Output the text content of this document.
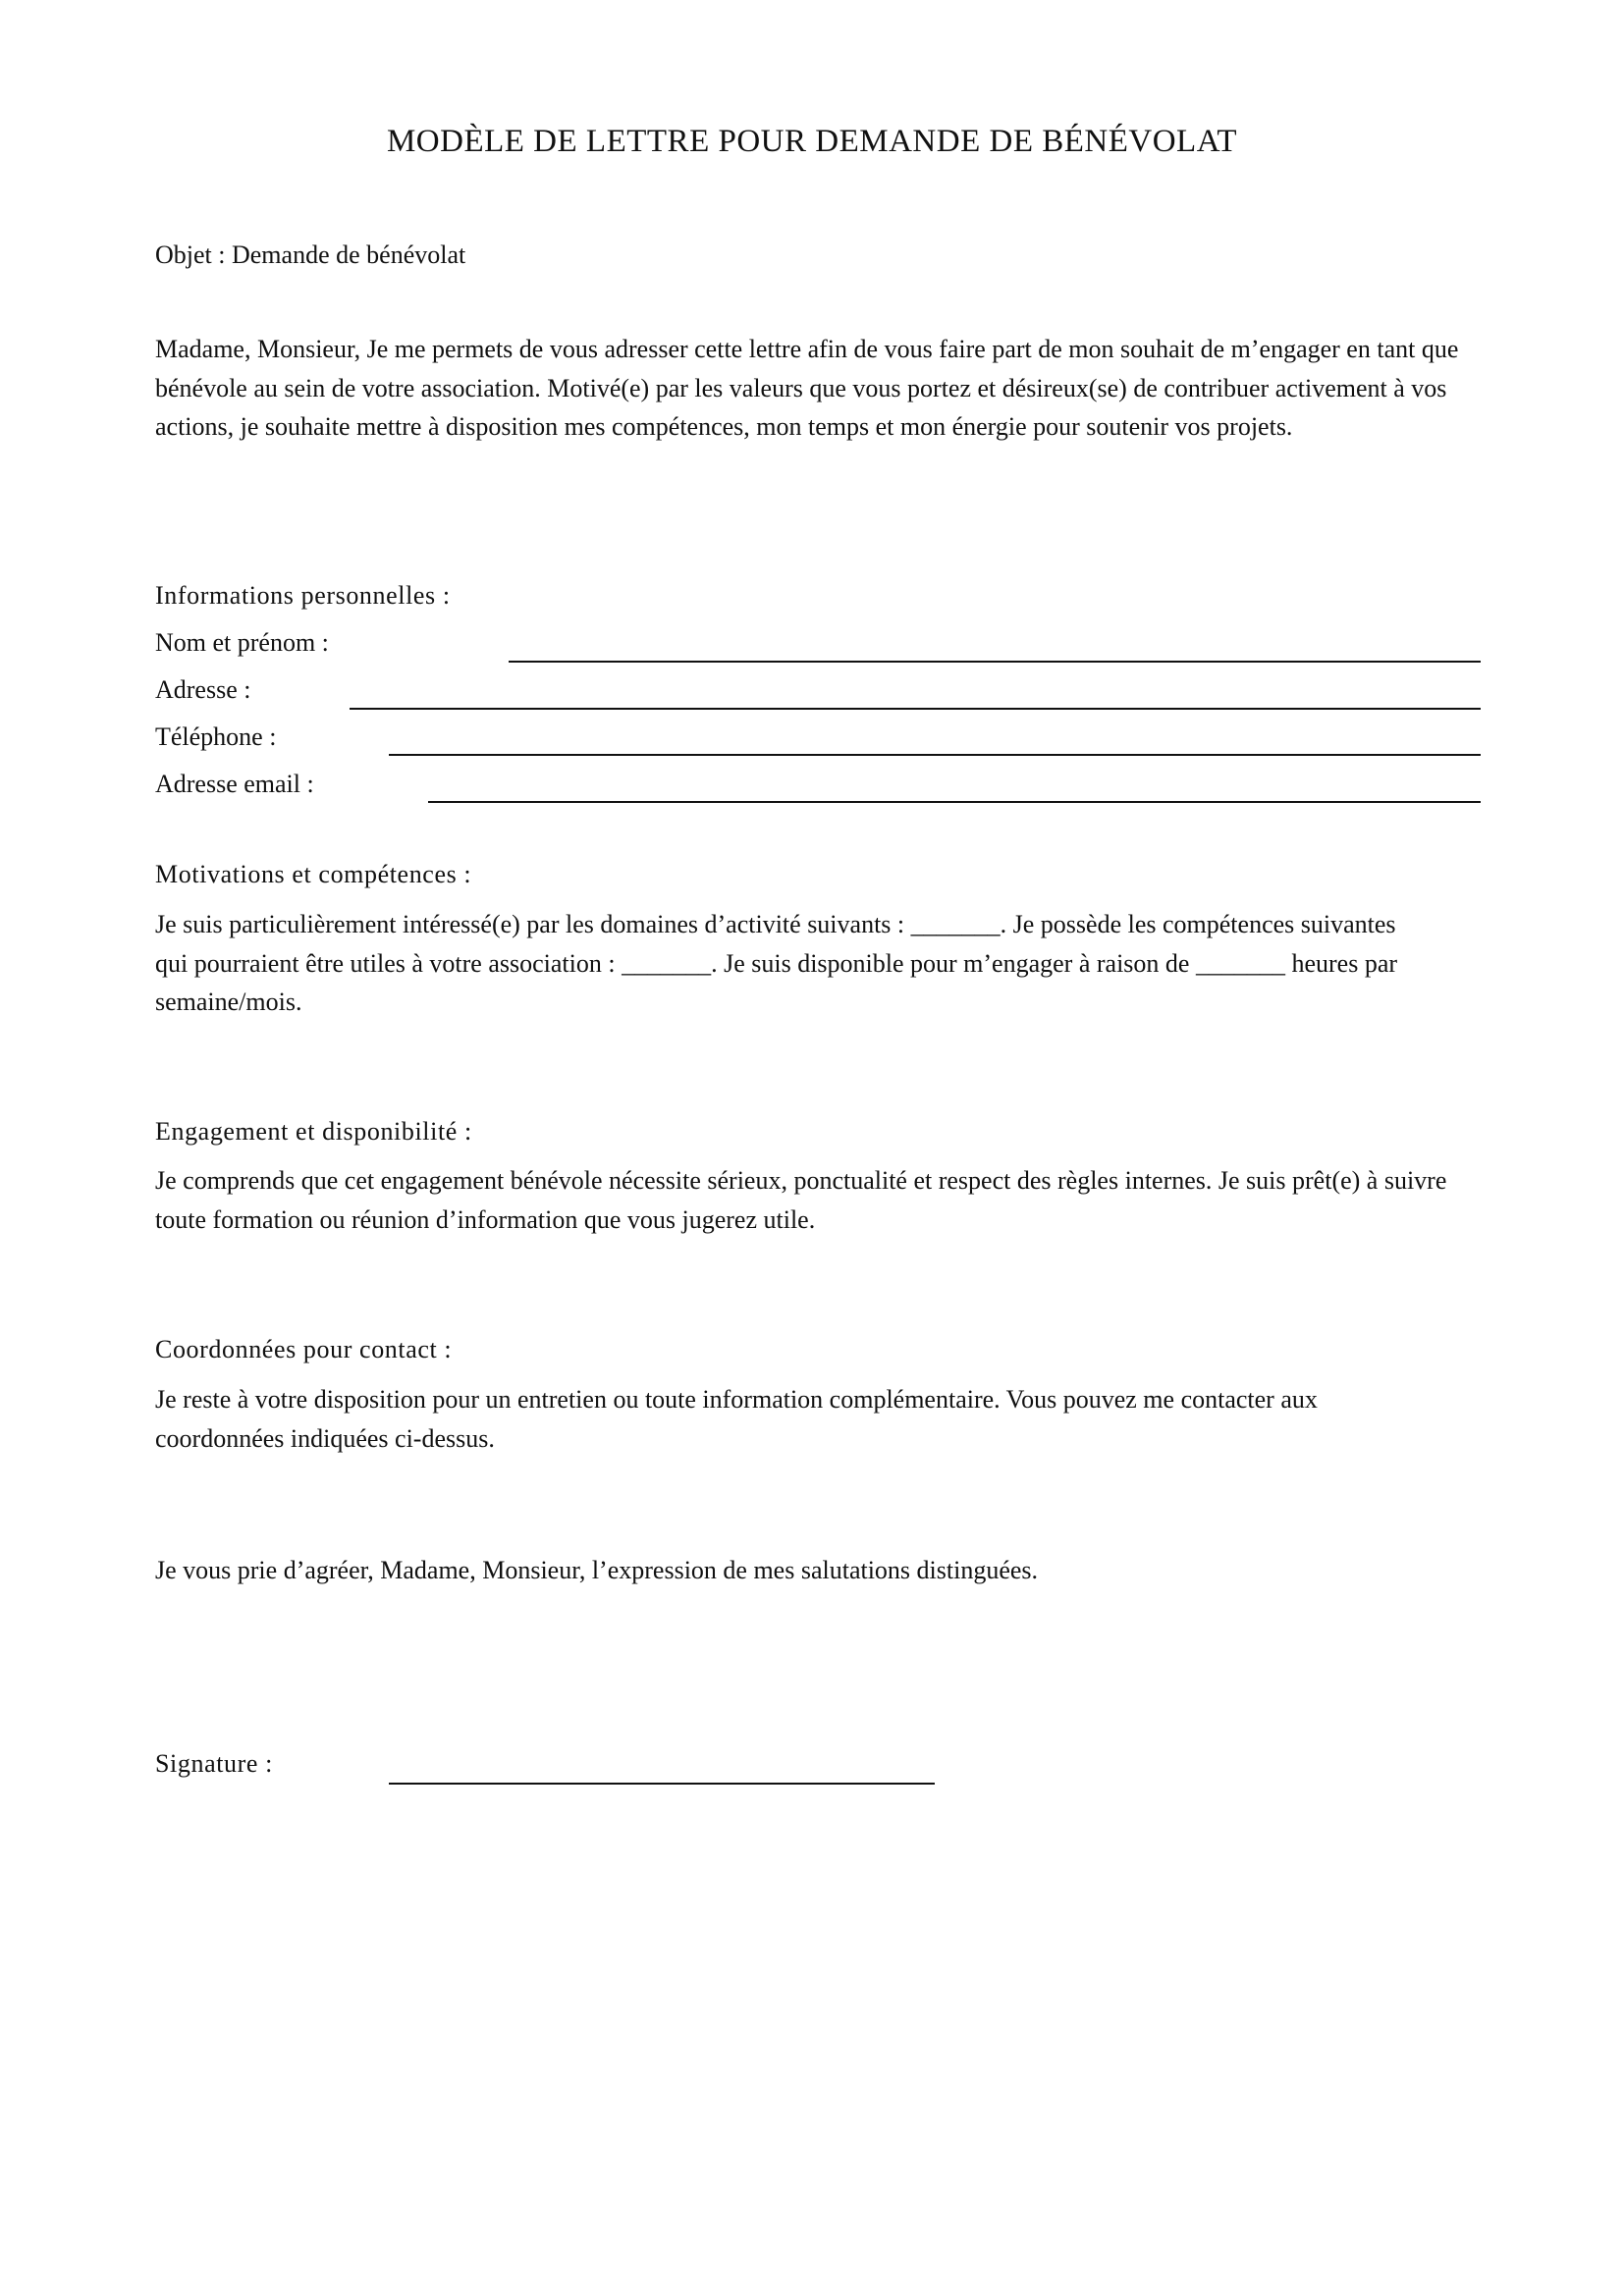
MODÈLE DE LETTRE POUR DEMANDE DE BÉNÉVOLAT
Objet : Demande de bénévolat
Madame, Monsieur, Je me permets de vous adresser cette lettre afin de vous faire part de mon souhait de m’engager en tant que bénévole au sein de votre association. Motivé(e) par les valeurs que vous portez et désireux(se) de contribuer activement à vos actions, je souhaite mettre à disposition mes compétences, mon temps et mon énergie pour soutenir vos projets.
Informations personnelles :
Nom et prénom :
Adresse :
Téléphone :
Adresse email :
Motivations et compétences :
Je suis particulièrement intéressé(e) par les domaines d’activité suivants : _______. Je possède les compétences suivantes qui pourraient être utiles à votre association : _______. Je suis disponible pour m’engager à raison de _______ heures par semaine/mois.
Engagement et disponibilité :
Je comprends que cet engagement bénévole nécessite sérieux, ponctualité et respect des règles internes. Je suis prêt(e) à suivre toute formation ou réunion d’information que vous jugerez utile.
Coordonnées pour contact :
Je reste à votre disposition pour un entretien ou toute information complémentaire. Vous pouvez me contacter aux coordonnées indiquées ci-dessus.
Je vous prie d’agréer, Madame, Monsieur, l’expression de mes salutations distinguées.
Signature :
